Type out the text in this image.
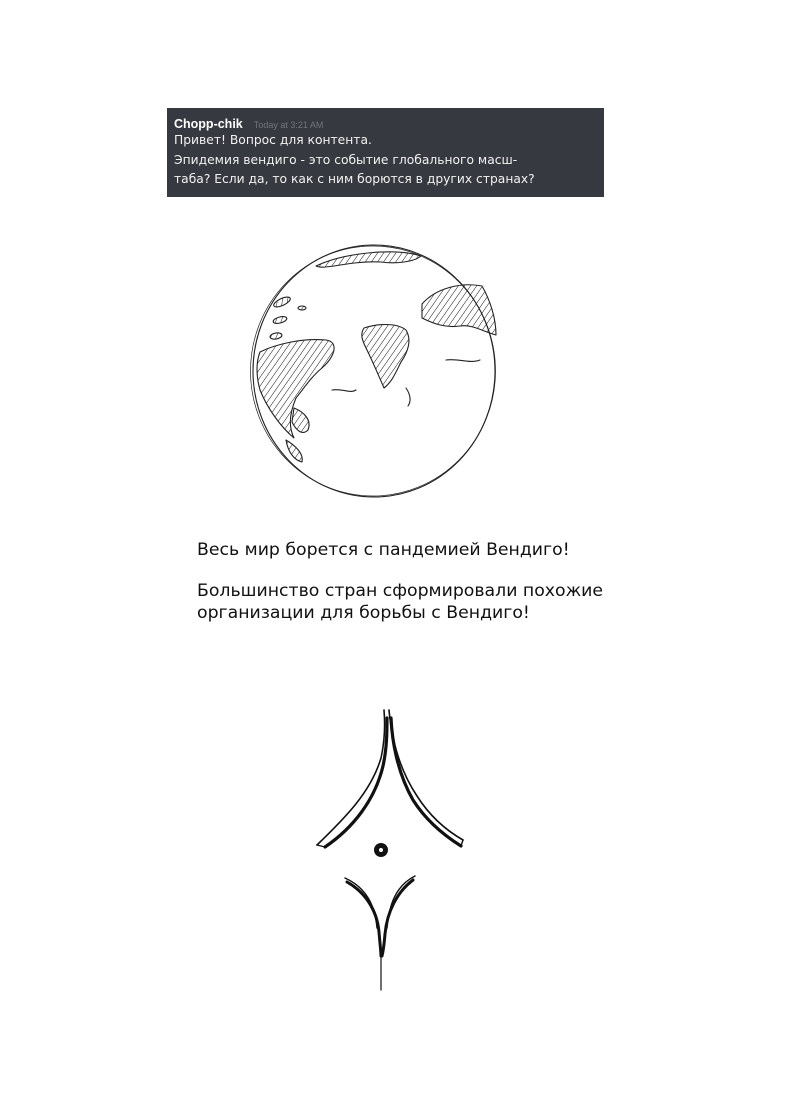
Chopp-chik Today at 3:21 AM
Привет! Вопрос для контента.
Эпидемия вендиго - это событие глобального масш-
таба? Если да, то как с ним борются в других странах?
Весь мир борется с пандемией Вендиго!
Большинство стран сформировали похожие
организации для борьбы с Вендиго!
